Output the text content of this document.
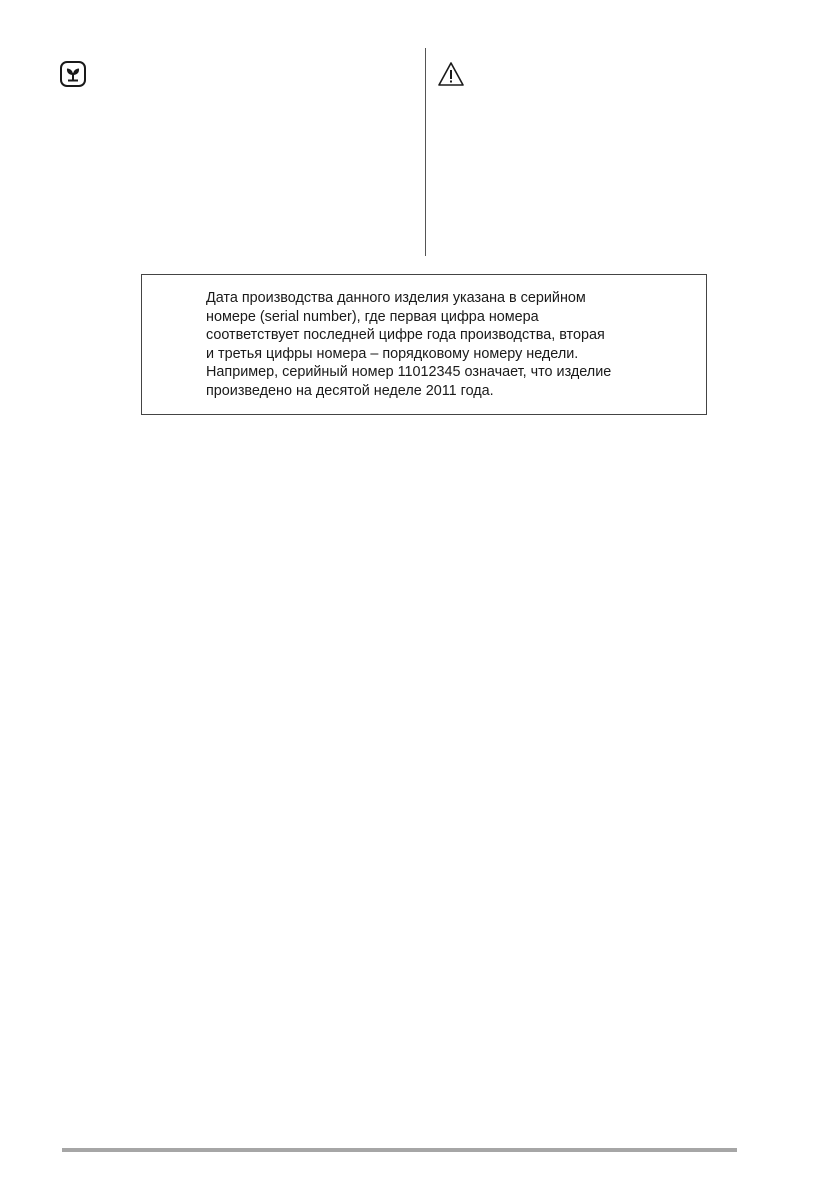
Дата производства данного изделия указана в серийном
номере (serial number), где первая цифра номера
соответствует последней цифре года производства, вторая
и третья цифры номера – порядковому номеру недели.
Например, серийный номер 11012345 означает, что изделие
произведено на десятой неделе 2011 года.
